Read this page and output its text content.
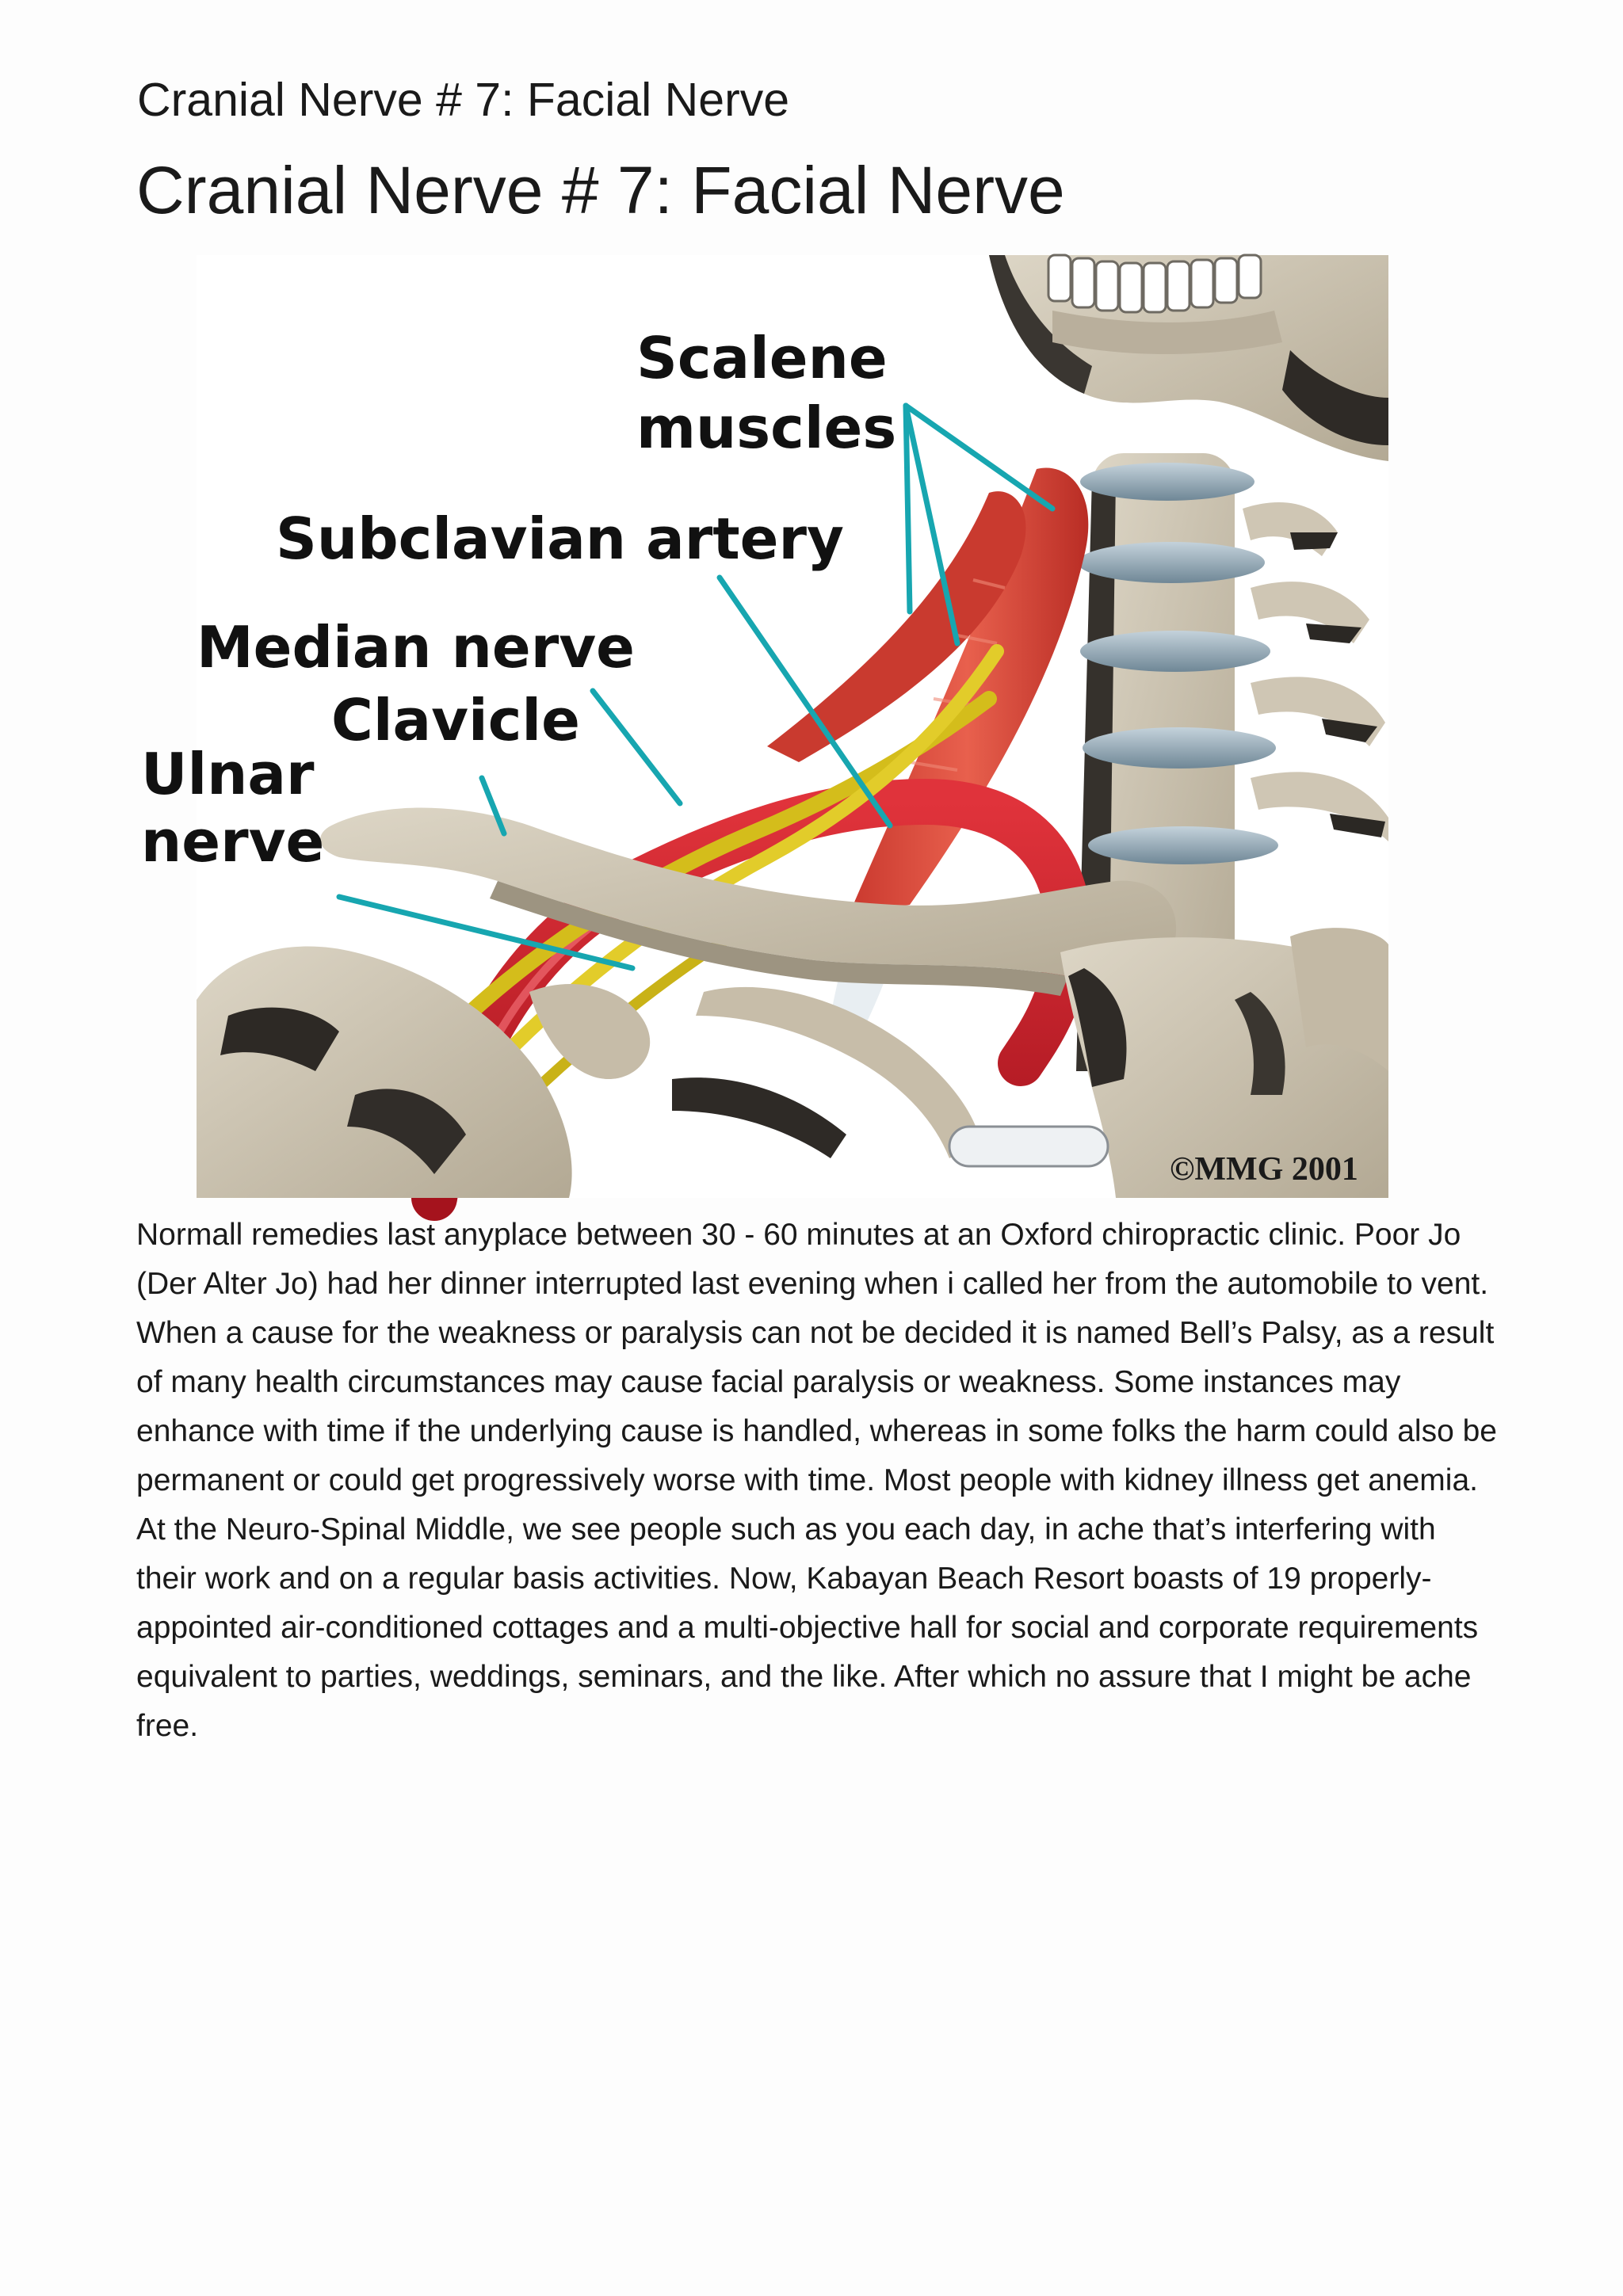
Cranial Nerve # 7: Facial Nerve
Cranial Nerve # 7: Facial Nerve
Scalene
muscles
Subclavian artery
Median nerve
Clavicle
Ulnar
nerve
©MMG 2001

Normall remedies last anyplace between 30 - 60 minutes at an Oxford chiropractic clinic. Poor Jo (Der Alter Jo) had her dinner interrupted last evening when i called her from the automobile to vent. When a cause for the weakness or paralysis can not be decided it is named Bell’s Palsy, as a result of many health circumstances may cause facial paralysis or weakness. Some instances may enhance with time if the underlying cause is handled, whereas in some folks the harm could also be permanent or could get progressively worse with time. Most people with kidney illness get anemia. At the Neuro-Spinal Middle, we see people such as you each day, in ache that’s interfering with their work and on a regular basis activities. Now, Kabayan Beach Resort boasts of 19 properly-appointed air-conditioned cottages and a multi-objective hall for social and corporate requirements equivalent to parties, weddings, seminars, and the like. After which no assure that I might be ache free.
